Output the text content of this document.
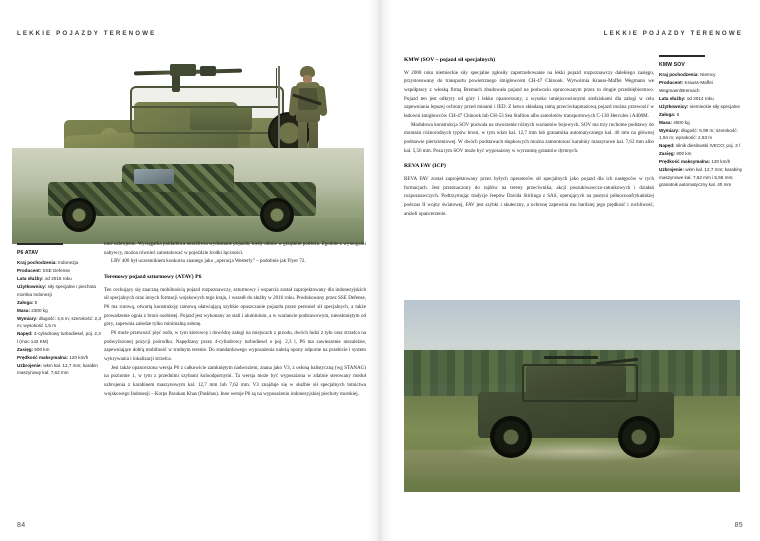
LEKKIE POJAZDY TERENOWE
P6 ATAV
Kraj pochodzenia: Indonezja
Producent: SSE Defense
Lata służby: od 2016 roku
Użytkownicy: siły specjalne i piechota morska Indonezji
Załoga: 5
Masa: 2300 kg
Wymiary: długość: 4,6 m; szerokość: 2,3 m; wysokość 1,5 m
Napęd: 4-cylindrowy turbodiesel, poj. 2,3 l (moc 142 KM)
Zasięg: 500 km
Prędkość maksymalna: 120 km/h
Uzbrojenie: wkm kal. 12,7 mm; karabin maszynowy kal. 7,62 mm

inne uzbrojenie. Wyciągarka pokładowa umożliwia wydostanie pojazdu, kiedy utknie w grząskim podłożu. Zgodnie z wymogami nabywcy, można również zainstalować w pojeździe środki łączności.

LRV 400 był uczestnikiem konkursu znanego jako „operacja Westerly” – podobnie jak Flyer 72.

Terenowy pojazd szturmowy (ATAV) P6

Ten cechujący się znaczną mobilnością pojazd rozpoznawczy, szturmowy i wsparcia został zaprojektowany dla indonezyjskich sił specjalnych oraz innych formacji wojskowych tego kraju, i wszedł do służby w 2016 roku. Produkowany przez SSE Defense, P6 ma rurową, otwartą konstrukcję ramową ułatwiającą szybkie opuszczanie pojazdu przez personel sił specjalnych, a także prowadzenie ognia z broni osobistej. Pojazd jest wykonany ze stali i aluminium, a w wariancie podstawowym, nieosłoniętym od góry, zapewnia załodze tylko minimalną osłonę.

P6 może przewozić pięć osób, w tym kierowcę i dowódcę załogi na miejscach z przodu, dwóch ludzi z tyłu oraz strzelca na podwyższonej pozycji pośrodku. Napędzany przez 4-cylindrowy turbodiesel o poj. 2,3 l, P6 ma zawieszenie niezależne, zapewniające dobrą mobilność w trudnym terenie. Do standardowego wyposażenia należą opony odporne na przebicie i system wykrywania i lokalizacji strzelca.

Jest także opancerzona wersja P6 z całkowicie zamkniętym nadwoziem, znana jako V3, z osłoną balistyczną (wg STANAG) na poziomie 1, w tym z przednimi szybami kuloodpornymi. Ta wersja może być wyposażona w zdalnie sterowany moduł uzbrojenia z karabinem maszynowym kal. 12,7 mm lub 7,62 mm. V3 znajduje się w służbie sił specjalnych lotnictwa wojskowego Indonezji – Korps Pasukan Khas (Paskhas). Inne wersje P6 są na wyposażeniu indonezyjskiej piechoty morskiej.

84
LEKKIE POJAZDY TERENOWE
KMW SOV
Kraj pochodzenia: Niemcy
Producent: Krauss-Maffei Wegmann/Bremach
Lata służby: od 2014 roku
Użytkownicy: niemieckie siły specjalne
Załoga: 6
Masa: 4500 kg
Wymiary: długość: 5,99 m; szerokość: 1,94 m; wysokość: 2,63 m
Napęd: silnik dieslowski IVECO; poj. 3 l
Zasięg: 800 km
Prędkość maksymalna: 130 km/h
Uzbrojenie: wkm kal. 12,7 mm; karabiny maszynowe kal. 7,62 mm i 5,56 mm; granatnik automatyczny kal. 40 mm
KMW (SOV – pojazd sił specjalnych)

W 2000 roku niemieckie siły specjalne zgłosiły zapotrzebowanie na lekki pojazd rozpoznawczy dalekiego zasięgu, przystosowany do transportu powietrznego śmigłowcem CH-47 Chinook. Wytwórnia Krauss-Maffei Wegmann we współpracy z włoską firmą Bremach zbudowała pojazd na podwoziu opracowanym przez to drugie przedsiębiorstwo. Pojazd ten jest odkryty od góry i lekko opancerzony, z wysoko umiejscowionymi siedziskami dla załogi w celu zapewniania lepszej ochrony przed minami i IED. Z łatwo składaną ramą przeciwkapotażową pojazd można przewozić w ładowni śmigłowców CH-47 Chinook lub CH-53 Sea Stallion albo samolotów transportowych C-130 Hercules i A400M.

Modułowa konstrukcja SOV pozwala na stworzenie różnych wariantów bojowych. SOV ma trzy ruchome podstawy do montażu różnorodnych typów broni, w tym wkm kal. 12,7 mm lub granatnika automatycznego kal. 40 mm na głównej podstawie pierścieniowej. W dwóch podstawach słupkowych można zamontować karabiny maszynowe kal. 7,62 mm albo kal. 5,56 mm. Poza tym SOV może być wyposażony w wyrzutnię granatów dymnych.

REVA FAV (ICP)

REVA FAV został zaprojektowany przez byłych operatorów sił specjalnych jako pojazd dla ich następców w tych formacjach. Jest przeznaczony do rajdów na tereny przeciwnika, akcji poszukiwawczo-ratunkowych i działań rozpoznawczych. Podtrzymując tradycje Jeepów Davida Stirlinga z SAS, operujących na pustyni północnoafrykańskiej podczas II wojny światowej, FAV jest szybki i skuteczny, a ochronę zapewnia mu bardziej jego prędkość i ruchliwość, aniżeli opancerzenie.

85
